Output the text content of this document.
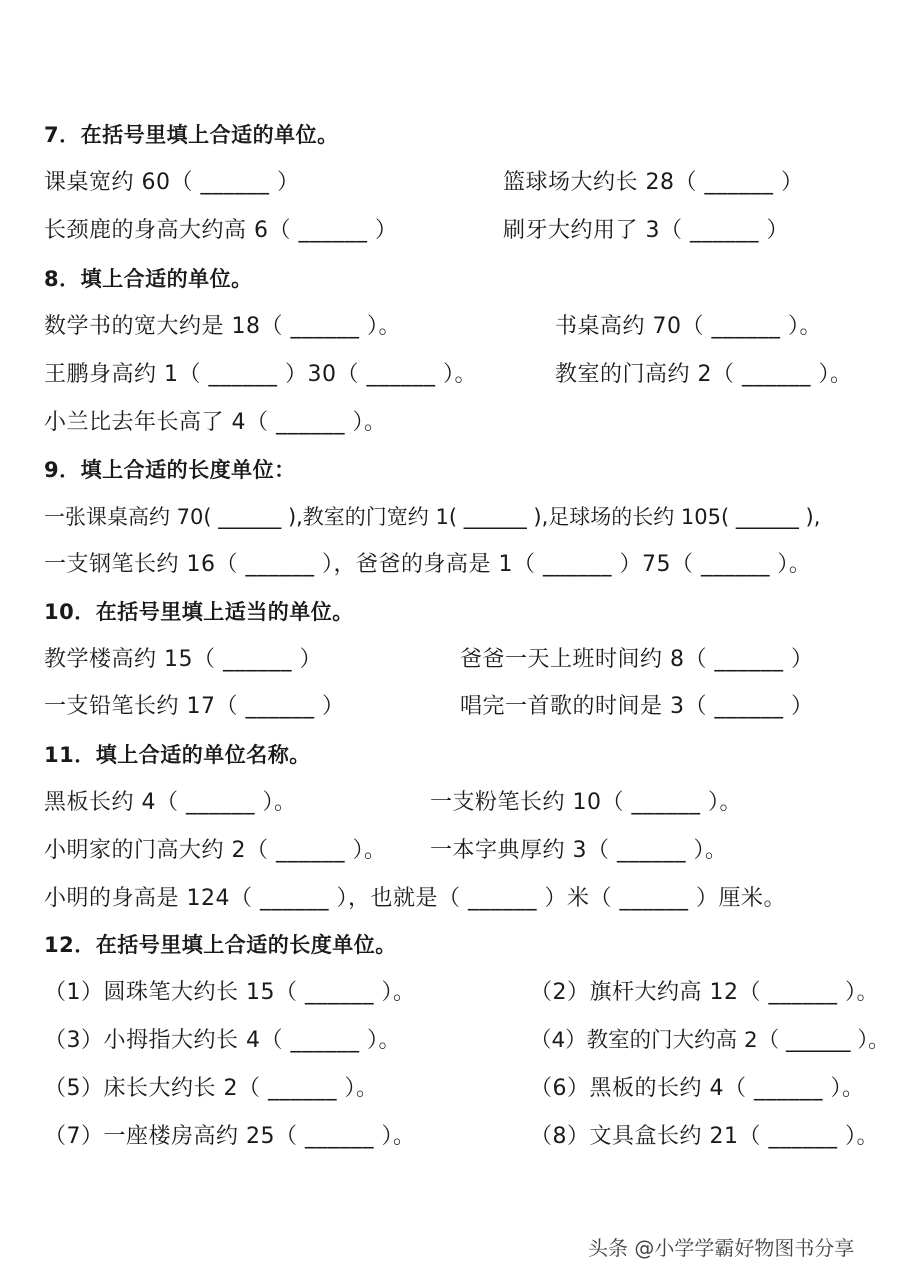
7．在括号里填上合适的单位。
课桌宽约 60（ ______ ）	篮球场大约长 28（ ______ ）
长颈鹿的身高大约高 6（ ______ ）	刷牙大约用了 3（ ______ ）
8．填上合适的单位。
数学书的宽大约是 18（ ______ ）。	书桌高约 70（ ______ ）。
王鹏身高约 1（ ______ ）30（ ______ ）。	教室的门高约 2（ ______ ）。
小兰比去年长高了 4（ ______ ）。
9．填上合适的长度单位：
一张课桌高约 70( ______ ),教室的门宽约 1( ______ ),足球场的长约 105( ______ ),
一支钢笔长约 16（ ______ ），爸爸的身高是 1（ ______ ）75（ ______ ）。
10．在括号里填上适当的单位。
教学楼高约 15（ ______ ）	爸爸一天上班时间约 8（ ______ ）
一支铅笔长约 17（ ______ ）	唱完一首歌的时间是 3（ ______ ）
11．填上合适的单位名称。
黑板长约 4（ ______ ）。	一支粉笔长约 10（ ______ ）。
小明家的门高大约 2（ ______ ）。 一本字典厚约 3（ ______ ）。
小明的身高是 124（ ______ ），也就是（ ______ ）米（ ______ ）厘米。
12．在括号里填上合适的长度单位。
（1）圆珠笔大约长 15（ ______ ）。	（2）旗杆大约高 12（ ______ ）。
（3）小拇指大约长 4（ ______ ）。	（4）教室的门大约高 2（ ______ ）。
（5）床长大约长 2（ ______ ）。	（6）黑板的长约 4（ ______ ）。
（7）一座楼房高约 25（ ______ ）。	（8）文具盒长约 21（ ______ ）。
头条 @小学学霸好物图书分享
